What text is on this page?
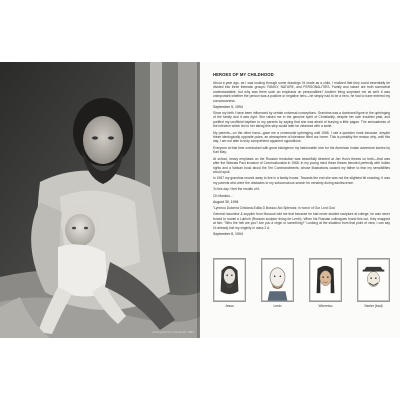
photograph by Ota Nepilý 1983
HEROES OF MY CHILDHOOD

About a year ago, as I was looking through some drawings I'd made as a child, I realized that they could essentially be divided into three thematic groups: FAMILY, NATURE, and PERSONALITIES. Family and nature are both somewhat understandable, but why was there such an emphasis on personalities? Another thing surprised me as well: it was unimportant whether the person was a positive or negative hero—he simply had to be a hero, he had to have entered my consciousness.

September 5, 1994

Since my birth I have been influenced by certain universal conceptions. Grandma was a dominant figure in the upbringing of the family and it was right. She raised me in the genuine spirit of Christianity, despite her own troubled past, and purified my unofficial baptism to my parents by saying that she was afraid of burying a little pagan. The sensualness of the infection which led to her taking this step would later be cleansed with a smile.

My parents—on the other hand—gave me a communist upbringing until 1968. I use a question mark because, despite these ideologically opposite poles, an atmosphere of tolerance filled our home. This is possibly the reason why, until this day, I am not able to truly comprehend apparent oppositions.

Everyone at that time overlooked with great indulgence my fashionable love for the American Indian adventure stories by Karl May.

At school, heavy emphasis on the Russian revolution was beautifully directed at Jan Hus's theses on truth—that was after the Warsaw Pact invasion of Czechoslovakia in 1968. In my young mind these theses blended perfectly with Indian rights and a Vatican book about the Ten Commandments, whose illustrations caused my father to fear my sensibilities would spoil.

In 1967 my grandma moved away to live in a family house. Towards the end she was not the slightest bit exacting. It was my parents who were the obstacles to my subconscious search for certainty during adolescence.

To this day I feel the results of it.

Oh Manitou...

August 30, 1994

"Lynmou Dulcena Ciriclana-Eullia D Bossoc Ato Splendor, in honor of Our Lord God

General raconteur & supplier from Moscow told me that because he had never studied sculpture at college, he was never forced to model a Lukhoh (Russian sculptor doing for Lenin). When his Russian colleagues found this out, they snapped at him: "Who the hell are you? Are you a virgin or something?" Looking at the situation from that point of view, I can say I'd already lost my virginity in class 2 A.

September 8, 1994
Jesus	Lenin	Winnetou	Santer (bad)
